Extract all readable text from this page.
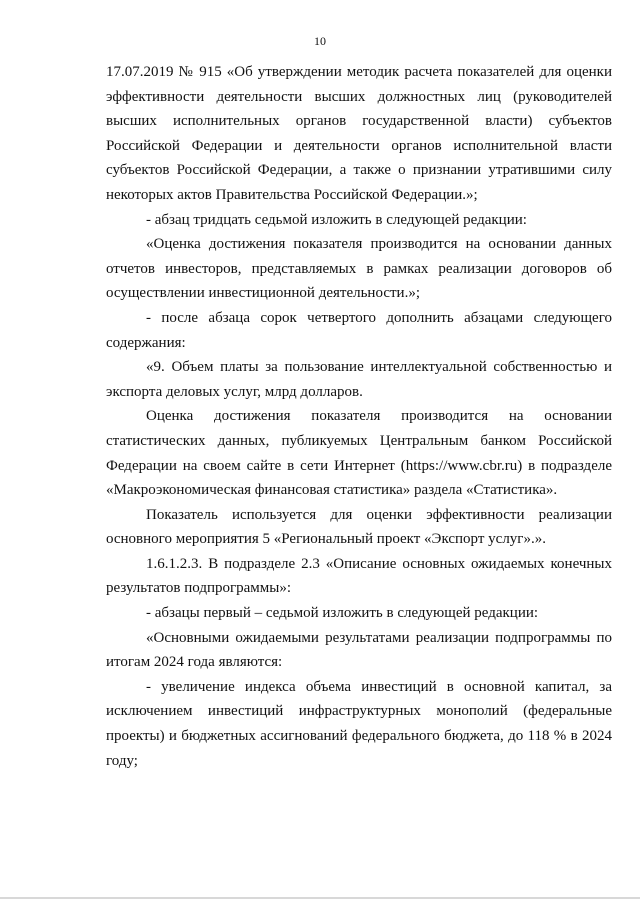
10

17.07.2019 № 915 «Об утверждении методик расчета показателей для оценки эффективности деятельности высших должностных лиц (руководителей высших исполнительных органов государственной власти) субъектов Российской Федерации и деятельности органов исполнительной власти субъектов Российской Федерации, а также о признании утратившими силу некоторых актов Правительства Российской Федерации.»;

- абзац тридцать седьмой изложить в следующей редакции:

«Оценка достижения показателя производится на основании данных отчетов инвесторов, представляемых в рамках реализации договоров об осуществлении инвестиционной деятельности.»;

- после абзаца сорок четвертого дополнить абзацами следующего содержания:

«9. Объем платы за пользование интеллектуальной собственностью и экспорта деловых услуг, млрд долларов.

Оценка достижения показателя производится на основании статистических данных, публикуемых Центральным банком Российской Федерации на своем сайте в сети Интернет (https://www.cbr.ru) в подразделе «Макроэкономическая финансовая статистика» раздела «Статистика».

Показатель используется для оценки эффективности реализации основного мероприятия 5 «Региональный проект «Экспорт услуг».».

1.6.1.2.3. В подразделе 2.3 «Описание основных ожидаемых конечных результатов подпрограммы»:

- абзацы первый – седьмой изложить в следующей редакции:

«Основными ожидаемыми результатами реализации подпрограммы по итогам 2024 года являются:

- увеличение индекса объема инвестиций в основной капитал, за исключением инвестиций инфраструктурных монополий (федеральные проекты) и бюджетных ассигнований федерального бюджета, до 118 % в 2024 году;
